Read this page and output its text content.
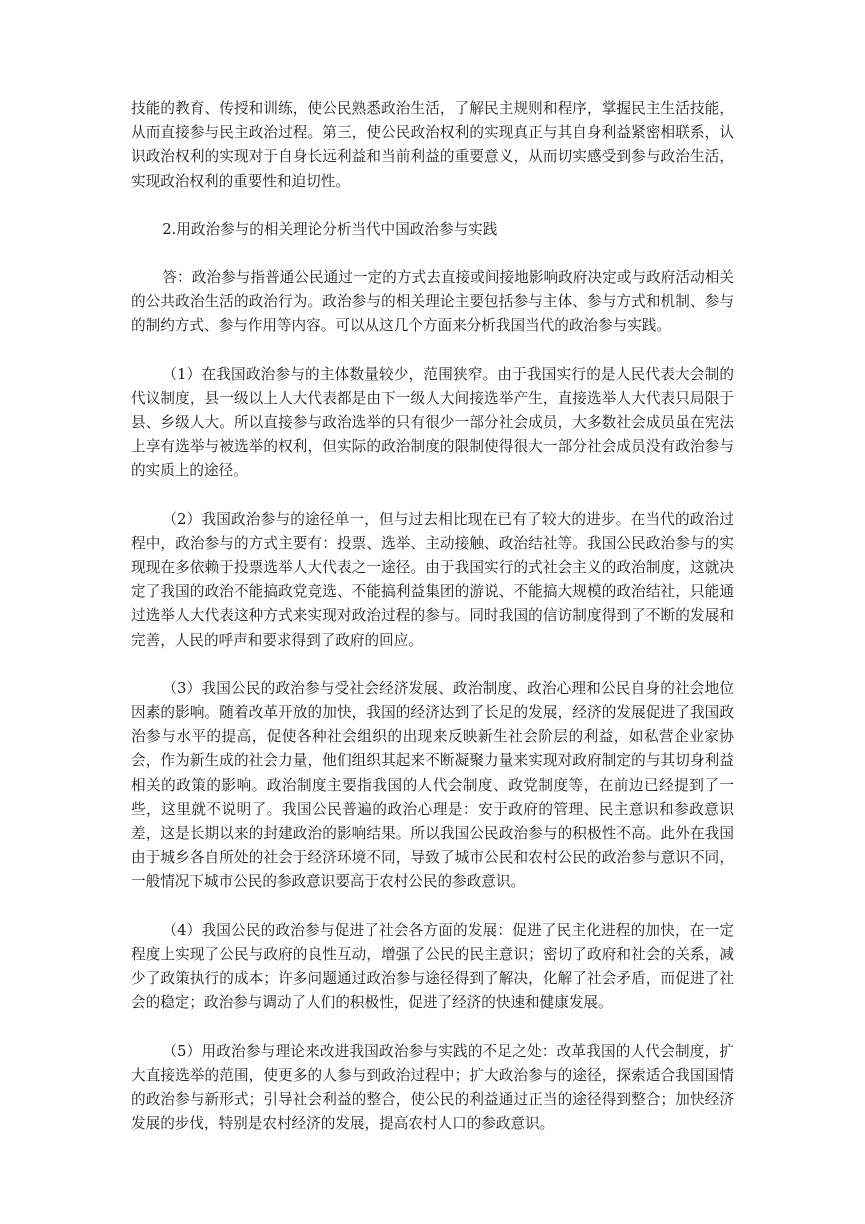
技能的教育、传授和训练，使公民熟悉政治生活，了解民主规则和程序，掌握民主生活技能，从而直接参与民主政治过程。第三，使公民政治权利的实现真正与其自身利益紧密相联系，认识政治权利的实现对于自身长远利益和当前利益的重要意义，从而切实感受到参与政治生活，实现政治权利的重要性和迫切性。

2.用政治参与的相关理论分析当代中国政治参与实践

答：政治参与指普通公民通过一定的方式去直接或间接地影响政府决定或与政府活动相关的公共政治生活的政治行为。政治参与的相关理论主要包括参与主体、参与方式和机制、参与的制约方式、参与作用等内容。可以从这几个方面来分析我国当代的政治参与实践。

（1）在我国政治参与的主体数量较少，范围狭窄。由于我国实行的是人民代表大会制的代议制度，县一级以上人大代表都是由下一级人大间接选举产生，直接选举人大代表只局限于县、乡级人大。所以直接参与政治选举的只有很少一部分社会成员，大多数社会成员虽在宪法上享有选举与被选举的权利，但实际的政治制度的限制使得很大一部分社会成员没有政治参与的实质上的途径。

（2）我国政治参与的途径单一，但与过去相比现在已有了较大的进步。在当代的政治过程中，政治参与的方式主要有：投票、选举、主动接触、政治结社等。我国公民政治参与的实现现在多依赖于投票选举人大代表之一途径。由于我国实行的式社会主义的政治制度，这就决定了我国的政治不能搞政党竞选、不能搞利益集团的游说、不能搞大规模的政治结社，只能通过选举人大代表这种方式来实现对政治过程的参与。同时我国的信访制度得到了不断的发展和完善，人民的呼声和要求得到了政府的回应。

（3）我国公民的政治参与受社会经济发展、政治制度、政治心理和公民自身的社会地位因素的影响。随着改革开放的加快，我国的经济达到了长足的发展，经济的发展促进了我国政治参与水平的提高，促使各种社会组织的出现来反映新生社会阶层的利益，如私营企业家协会，作为新生成的社会力量，他们组织其起来不断凝聚力量来实现对政府制定的与其切身利益相关的政策的影响。政治制度主要指我国的人代会制度、政党制度等，在前边已经提到了一些，这里就不说明了。我国公民普遍的政治心理是：安于政府的管理、民主意识和参政意识差，这是长期以来的封建政治的影响结果。所以我国公民政治参与的积极性不高。此外在我国由于城乡各自所处的社会于经济环境不同，导致了城市公民和农村公民的政治参与意识不同，一般情况下城市公民的参政意识要高于农村公民的参政意识。

（4）我国公民的政治参与促进了社会各方面的发展：促进了民主化进程的加快，在一定程度上实现了公民与政府的良性互动，增强了公民的民主意识；密切了政府和社会的关系，减少了政策执行的成本；许多问题通过政治参与途径得到了解决，化解了社会矛盾，而促进了社会的稳定；政治参与调动了人们的积极性，促进了经济的快速和健康发展。

（5）用政治参与理论来改进我国政治参与实践的不足之处：改革我国的人代会制度，扩大直接选举的范围，使更多的人参与到政治过程中；扩大政治参与的途径，探索适合我国国情的政治参与新形式；引导社会利益的整合，使公民的利益通过正当的途径得到整合；加快经济发展的步伐，特别是农村经济的发展，提高农村人口的参政意识。
